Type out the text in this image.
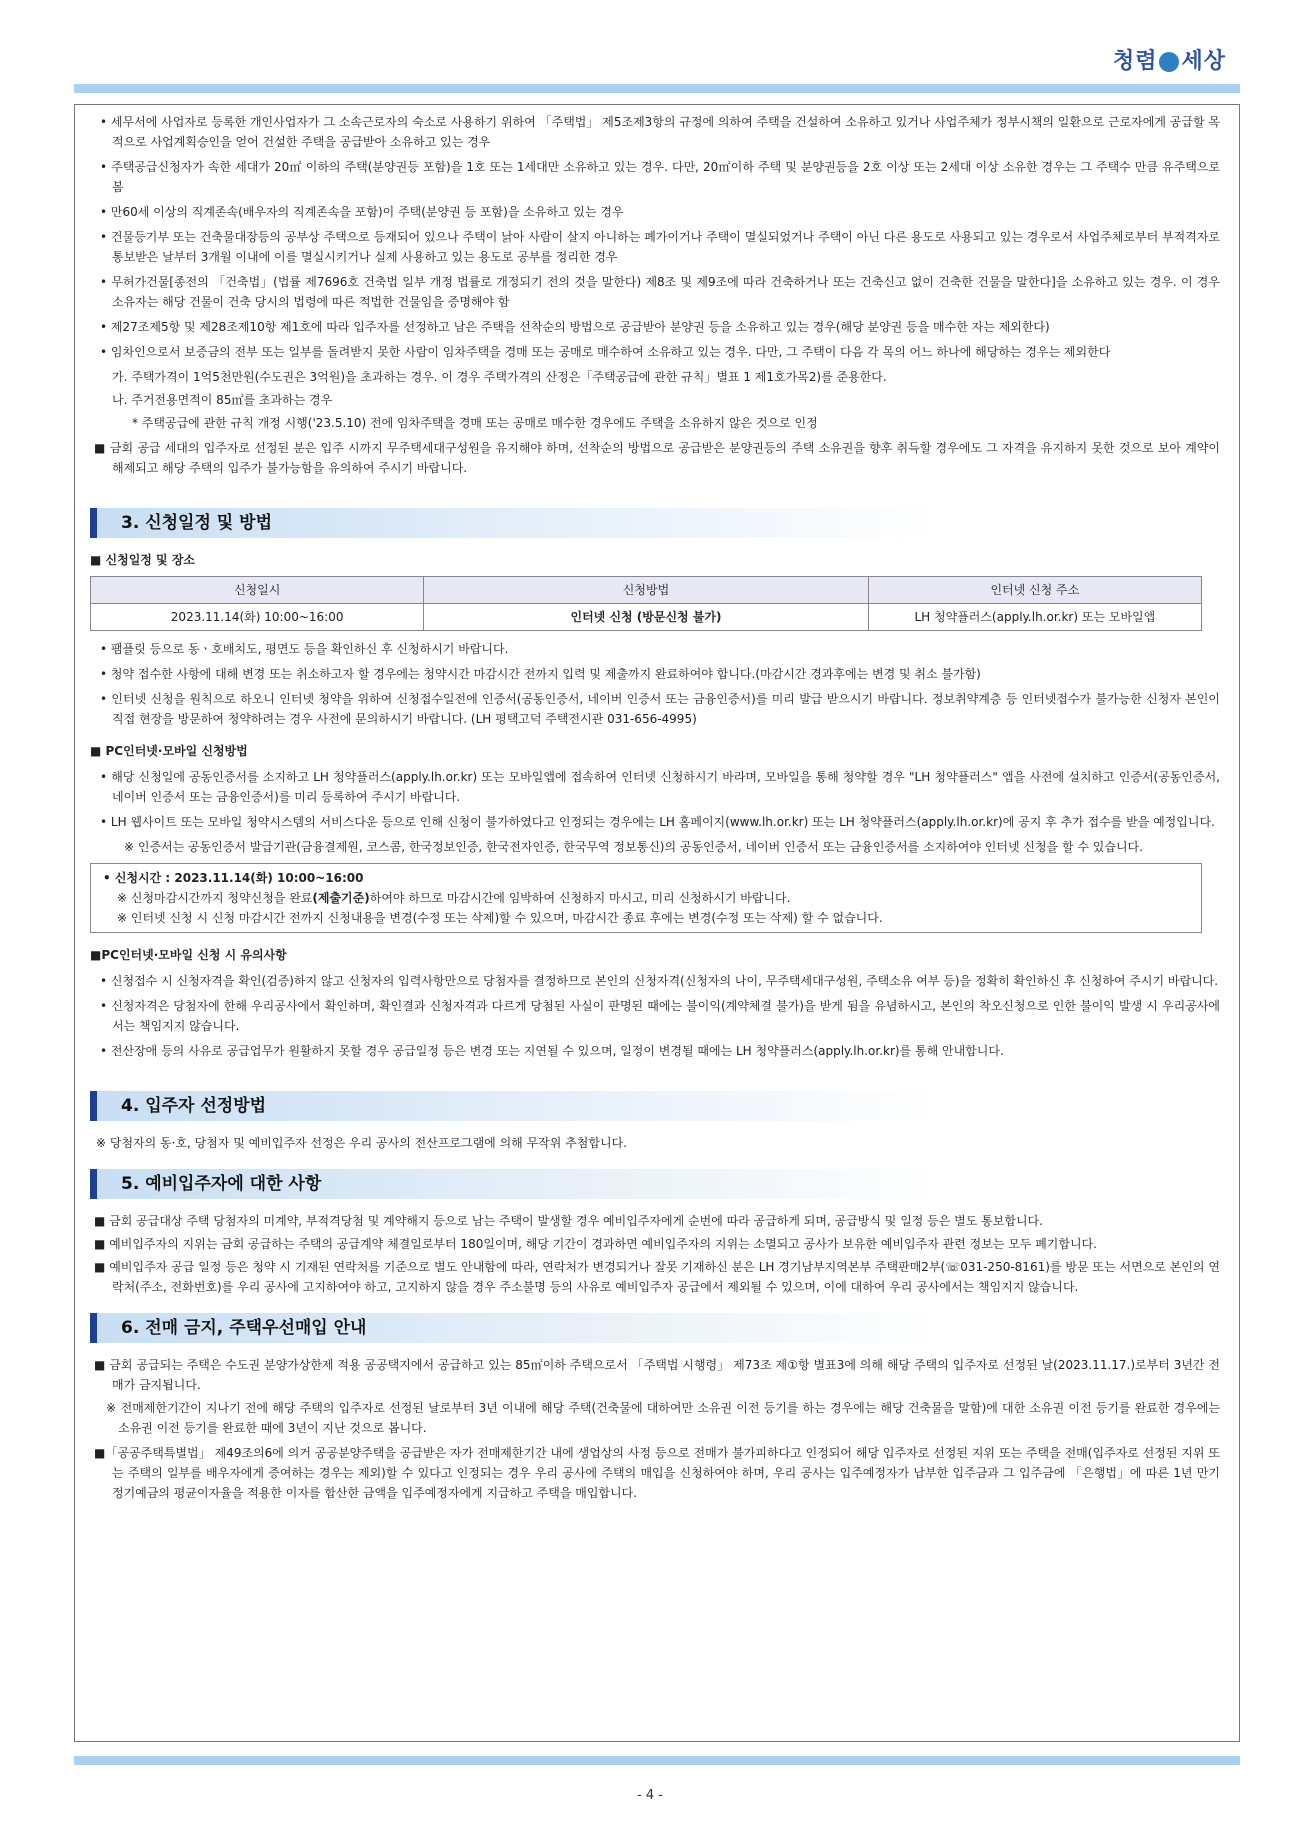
청렴 세상
• 세무서에 사업자로 등록한 개인사업자가 그 소속근로자의 숙소로 사용하기 위하여 「주택법」 제5조제3항의 규정에 의하여 주택을 건설하여 소유하고 있거나 사업주체가 정부시책의 일환으로 근로자에게 공급할 목적으로 사업계획승인을 얻어 건설한 주택을 공급받아 소유하고 있는 경우
• 주택공급신청자가 속한 세대가 20㎡ 이하의 주택(분양권등 포함)을 1호 또는 1세대만 소유하고 있는 경우. 다만, 20㎡이하 주택 및 분양권등을 2호 이상 또는 2세대 이상 소유한 경우는 그 주택수 만큼 유주택으로 봄
• 만60세 이상의 직계존속(배우자의 직계존속을 포함)이 주택(분양권 등 포함)을 소유하고 있는 경우
• 건물등기부 또는 건축물대장등의 공부상 주택으로 등재되어 있으나 주택이 낡아 사람이 살지 아니하는 폐가이거나 주택이 멸실되었거나 주택이 아닌 다른 용도로 사용되고 있는 경우로서 사업주체로부터 부적격자로 통보받은 날부터 3개월 이내에 이를 멸실시키거나 실제 사용하고 있는 용도로 공부를 정리한 경우
• 무허가건물[종전의 「건축법」(법률 제7696호 건축법 일부 개정 법률로 개정되기 전의 것을 말한다) 제8조 및 제9조에 따라 건축하거나 또는 건축신고 없이 건축한 건물을 말한다]을 소유하고 있는 경우. 이 경우 소유자는 해당 건물이 건축 당시의 법령에 따른 적법한 건물임을 증명해야 함
• 제27조제5항 및 제28조제10항 제1호에 따라 입주자를 선정하고 남은 주택을 선착순의 방법으로 공급받아 분양권 등을 소유하고 있는 경우(해당 분양권 등을 매수한 자는 제외한다)
• 임차인으로서 보증금의 전부 또는 일부를 돌려받지 못한 사람이 임차주택을 경매 또는 공매로 매수하여 소유하고 있는 경우. 다만, 그 주택이 다음 각 목의 어느 하나에 해당하는 경우는 제외한다
가. 주택가격이 1억5천만원(수도권은 3억원)을 초과하는 경우. 이 경우 주택가격의 산정은「주택공급에 관한 규칙」별표 1 제1호가목2)를 준용한다.
나. 주거전용면적이 85㎡를 초과하는 경우
* 주택공급에 관한 규칙 개정 시행('23.5.10) 전에 임차주택을 경매 또는 공매로 매수한 경우에도 주택을 소유하지 않은 것으로 인정
■ 금회 공급 세대의 입주자로 선정된 분은 입주 시까지 무주택세대구성원을 유지해야 하며, 선착순의 방법으로 공급받은 분양권등의 주택 소유권을 향후 취득할 경우에도 그 자격을 유지하지 못한 것으로 보아 계약이 해제되고 해당 주택의 입주가 불가능함을 유의하여 주시기 바랍니다.
3. 신청일정 및 방법
■ 신청일정 및 장소
신청일시	신청방법	인터넷 신청 주소
2023.11.14(화) 10:00~16:00	인터넷 신청 (방문신청 불가)	LH 청약플러스(apply.lh.or.kr) 또는 모바일앱
• 팸플릿 등으로 동ㆍ호배치도, 평면도 등을 확인하신 후 신청하시기 바랍니다.
• 청약 접수한 사항에 대해 변경 또는 취소하고자 할 경우에는 청약시간 마감시간 전까지 입력 및 제출까지 완료하여야 합니다.(마감시간 경과후에는 변경 및 취소 불가함)
• 인터넷 신청을 원칙으로 하오니 인터넷 청약을 위하여 신청접수일전에 인증서(공동인증서, 네이버 인증서 또는 금융인증서)를 미리 발급 받으시기 바랍니다. 정보취약계층 등 인터넷접수가 불가능한 신청자 본인이 직접 현장을 방문하여 청약하려는 경우 사전에 문의하시기 바랍니다. (LH 평택고덕 주택전시관 031-656-4995)
■ PC인터넷·모바일 신청방법
• 해당 신청일에 공동인증서를 소지하고 LH 청약플러스(apply.lh.or.kr) 또는 모바일앱에 접속하여 인터넷 신청하시기 바라며, 모바일을 통해 청약할 경우 "LH 청약플러스" 앱을 사전에 설치하고 인증서(공동인증서, 네이버 인증서 또는 금융인증서)를 미리 등록하여 주시기 바랍니다.
• LH 웹사이트 또는 모바일 청약시스템의 서비스다운 등으로 인해 신청이 불가하였다고 인정되는 경우에는 LH 홈페이지(www.lh.or.kr) 또는 LH 청약플러스(apply.lh.or.kr)에 공지 후 추가 접수를 받을 예정입니다.
※ 인증서는 공동인증서 발급기관(금융결제원, 코스콤, 한국정보인증, 한국전자인증, 한국무역 정보통신)의 공동인증서, 네이버 인증서 또는 금융인증서를 소지하여야 인터넷 신청을 할 수 있습니다.
• 신청시간 : 2023.11.14(화) 10:00~16:00
※ 신청마감시간까지 청약신청을 완료(제출기준)하여야 하므로 마감시간에 임박하여 신청하지 마시고, 미리 신청하시기 바랍니다.
※ 인터넷 신청 시 신청 마감시간 전까지 신청내용을 변경(수정 또는 삭제)할 수 있으며, 마감시간 종료 후에는 변경(수정 또는 삭제) 할 수 없습니다.
■PC인터넷·모바일 신청 시 유의사항
• 신청접수 시 신청자격을 확인(검증)하지 않고 신청자의 입력사항만으로 당첨자를 결정하므로 본인의 신청자격(신청자의 나이, 무주택세대구성원, 주택소유 여부 등)을 정확히 확인하신 후 신청하여 주시기 바랍니다.
• 신청자격은 당첨자에 한해 우리공사에서 확인하며, 확인결과 신청자격과 다르게 당첨된 사실이 판명된 때에는 불이익(계약체결 불가)을 받게 됨을 유념하시고, 본인의 착오신청으로 인한 불이익 발생 시 우리공사에서는 책임지지 않습니다.
• 전산장애 등의 사유로 공급업무가 원활하지 못할 경우 공급일정 등은 변경 또는 지연될 수 있으며, 일정이 변경될 때에는 LH 청약플러스(apply.lh.or.kr)를 통해 안내합니다.
4. 입주자 선정방법
※ 당첨자의 동·호, 당첨자 및 예비입주자 선정은 우리 공사의 전산프로그램에 의해 무작위 추첨합니다.
5. 예비입주자에 대한 사항
■ 금회 공급대상 주택 당첨자의 미계약, 부적격당첨 및 계약해지 등으로 남는 주택이 발생할 경우 예비입주자에게 순번에 따라 공급하게 되며, 공급방식 및 일정 등은 별도 통보합니다.
■ 예비입주자의 지위는 금회 공급하는 주택의 공급계약 체결일로부터 180일이며, 해당 기간이 경과하면 예비입주자의 지위는 소멸되고 공사가 보유한 예비입주자 관련 정보는 모두 폐기합니다.
■ 예비입주자 공급 일정 등은 청약 시 기재된 연락처를 기준으로 별도 안내함에 따라, 연락처가 변경되거나 잘못 기재하신 분은 LH 경기남부지역본부 주택판매2부(☏031-250-8161)를 방문 또는 서면으로 본인의 연락처(주소, 전화번호)를 우리 공사에 고지하여야 하고, 고지하지 않을 경우 주소불명 등의 사유로 예비입주자 공급에서 제외될 수 있으며, 이에 대하여 우리 공사에서는 책임지지 않습니다.
6. 전매 금지, 주택우선매입 안내
■ 금회 공급되는 주택은 수도권 분양가상한제 적용 공공택지에서 공급하고 있는 85㎡이하 주택으로서 「주택법 시행령」 제73조 제①항 별표3에 의해 해당 주택의 입주자로 선정된 날(2023.11.17.)로부터 3년간 전매가 금지됩니다.
※ 전매제한기간이 지나기 전에 해당 주택의 입주자로 선정된 날로부터 3년 이내에 해당 주택(건축물에 대하여만 소유권 이전 등기를 하는 경우에는 해당 건축물을 말함)에 대한 소유권 이전 등기를 완료한 경우에는 소유권 이전 등기를 완료한 때에 3년이 지난 것으로 봅니다.
■「공공주택특별법」 제49조의6에 의거 공공분양주택을 공급받은 자가 전매제한기간 내에 생업상의 사정 등으로 전매가 불가피하다고 인정되어 해당 입주자로 선정된 지위 또는 주택을 전매(입주자로 선정된 지위 또는 주택의 일부를 배우자에게 증여하는 경우는 제외)할 수 있다고 인정되는 경우 우리 공사에 주택의 매입을 신청하여야 하며, 우리 공사는 입주예정자가 납부한 입주금과 그 입주금에 「은행법」에 따른 1년 만기 정기예금의 평균이자율을 적용한 이자를 합산한 금액을 입주예정자에게 지급하고 주택을 매입합니다.
- 4 -
